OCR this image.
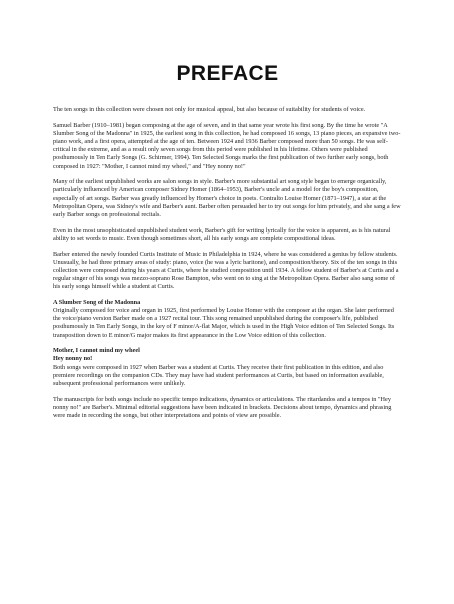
PREFACE

The ten songs in this collection were chosen not only for musical appeal, but also because of suitability for students of voice.

Samuel Barber (1910–1981) began composing at the age of seven, and in that same year wrote his first song. By the time he wrote "A Slumber Song of the Madonna" in 1925, the earliest song in this collection, he had composed 16 songs, 13 piano pieces, an expansive two-piano work, and a first opera, attempted at the age of ten. Between 1924 and 1936 Barber composed more than 50 songs. He was self-critical in the extreme, and as a result only seven songs from this period were published in his lifetime. Others were published posthumously in Ten Early Songs (G. Schirmer, 1994). Ten Selected Songs marks the first publication of two further early songs, both composed in 1927: "Mother, I cannot mind my wheel," and "Hey nonny no!"

Many of the earliest unpublished works are salon songs in style. Barber's more substantial art song style began to emerge organically, particularly influenced by American composer Sidney Homer (1864–1953), Barber's uncle and a model for the boy's composition, especially of art songs. Barber was greatly influenced by Homer's choice in poets. Contralto Louise Homer (1871–1947), a star at the Metropolitan Opera, was Sidney's wife and Barber's aunt. Barber often persuaded her to try out songs for him privately, and she sang a few early Barber songs on professional recitals.

Even in the most unsophisticated unpublished student work, Barber's gift for writing lyrically for the voice is apparent, as is his natural ability to set words to music. Even though sometimes short, all his early songs are complete compositional ideas.

Barber entered the newly founded Curtis Institute of Music in Philadelphia in 1924, where he was considered a genius by fellow students. Unusually, he had three primary areas of study: piano, voice (he was a lyric baritone), and composition/theory. Six of the ten songs in this collection were composed during his years at Curtis, where he studied composition until 1934. A fellow student of Barber's at Curtis and a regular singer of his songs was mezzo-soprano Rose Bampton, who went on to sing at the Metropolitan Opera. Barber also sang some of his early songs himself while a student at Curtis.

A Slumber Song of the Madonna
Originally composed for voice and organ in 1925, first performed by Louise Homer with the composer at the organ. She later performed the voice/piano version Barber made on a 1927 recital tour. This song remained unpublished during the composer's life, published posthumously in Ten Early Songs, in the key of F minor/A-flat Major, which is used in the High Voice edition of Ten Selected Songs. Its transposition down to E minor/G major makes its first appearance in the Low Voice edition of this collection.

Mother, I cannot mind my wheel
Hey nonny no!
Both songs were composed in 1927 when Barber was a student at Curtis. They receive their first publication in this edition, and also premiere recordings on the companion CDs. They may have had student performances at Curtis, but based on information available, subsequent professional performances were unlikely.

The manuscripts for both songs include no specific tempo indications, dynamics or articulations. The ritardandos and a tempos in "Hey nonny no!" are Barber's. Minimal editorial suggestions have been indicated in brackets. Decisions about tempo, dynamics and phrasing were made in recording the songs, but other interpretations and points of view are possible.
